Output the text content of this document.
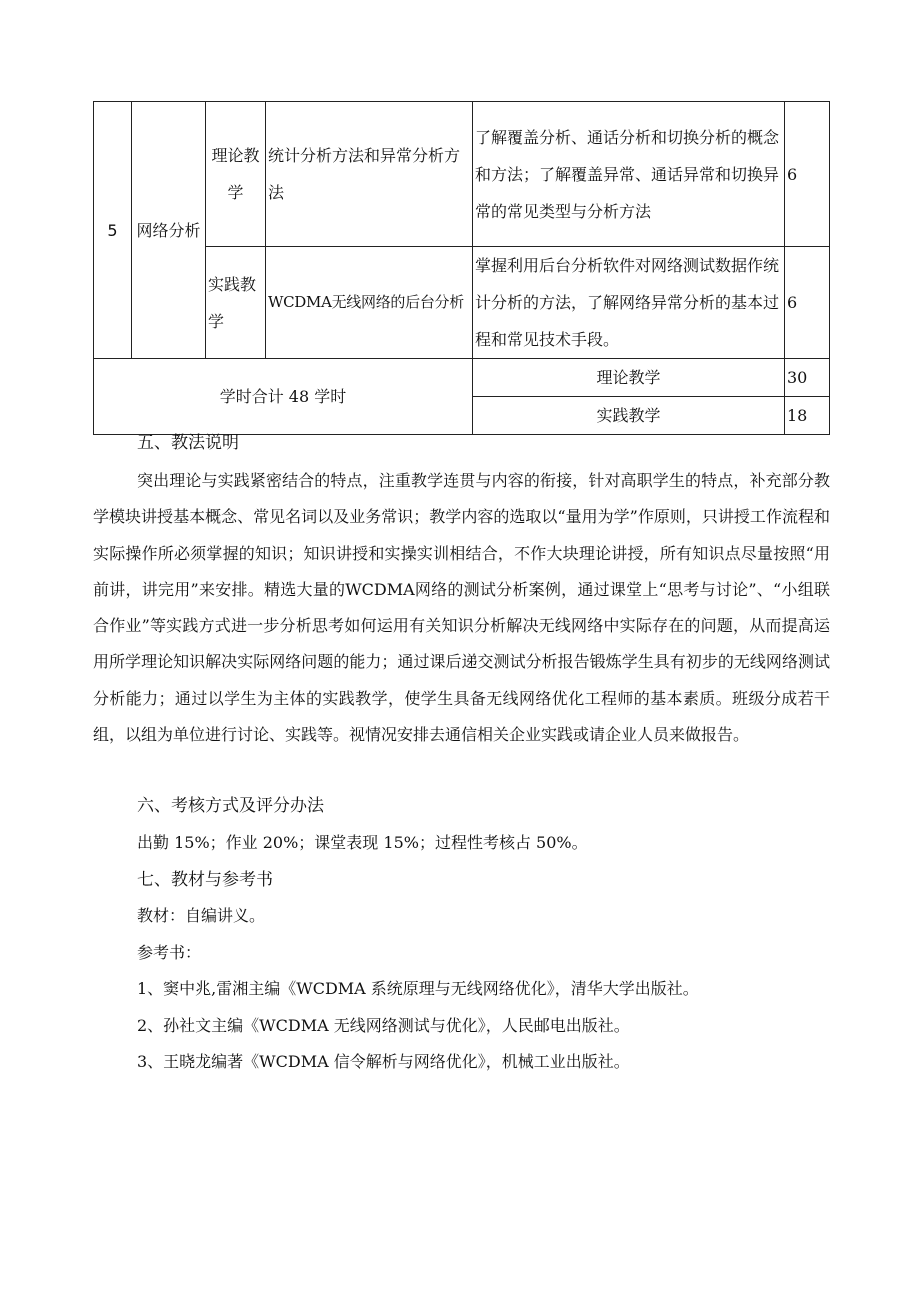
5	网络分析	理论教学	统计分析方法和异常分析方法	了解覆盖分析、通话分析和切换分析的概念和方法；了解覆盖异常、通话异常和切换异常的常见类型与分析方法	6
		实践教学	WCDMA无线网络的后台分析	掌握利用后台分析软件对网络测试数据作统计分析的方法，了解网络异常分析的基本过程和常见技术手段。	6
学时合计 48 学时				理论教学	30
				实践教学	18
五、教法说明
突出理论与实践紧密结合的特点，注重教学连贯与内容的衔接，针对高职学生的特点，补充部分教学模块讲授基本概念、常见名词以及业务常识；教学内容的选取以“量用为学”作原则，只讲授工作流程和实际操作所必须掌握的知识；知识讲授和实操实训相结合，不作大块理论讲授，所有知识点尽量按照“用前讲，讲完用”来安排。精选大量的WCDMA网络的测试分析案例，通过课堂上“思考与讨论”、“小组联合作业”等实践方式进一步分析思考如何运用有关知识分析解决无线网络中实际存在的问题，从而提高运用所学理论知识解决实际网络问题的能力；通过课后递交测试分析报告锻炼学生具有初步的无线网络测试分析能力；通过以学生为主体的实践教学，使学生具备无线网络优化工程师的基本素质。班级分成若干组，以组为单位进行讨论、实践等。视情况安排去通信相关企业实践或请企业人员来做报告。
六、考核方式及评分办法
出勤 15%；作业 20%；课堂表现 15%；过程性考核占 50%。
七、教材与参考书
教材：自编讲义。
参考书：
1、窦中兆,雷湘主编《WCDMA 系统原理与无线网络优化》，清华大学出版社。
2、孙社文主编《WCDMA 无线网络测试与优化》，人民邮电出版社。
3、王晓龙编著《WCDMA 信令解析与网络优化》，机械工业出版社。
